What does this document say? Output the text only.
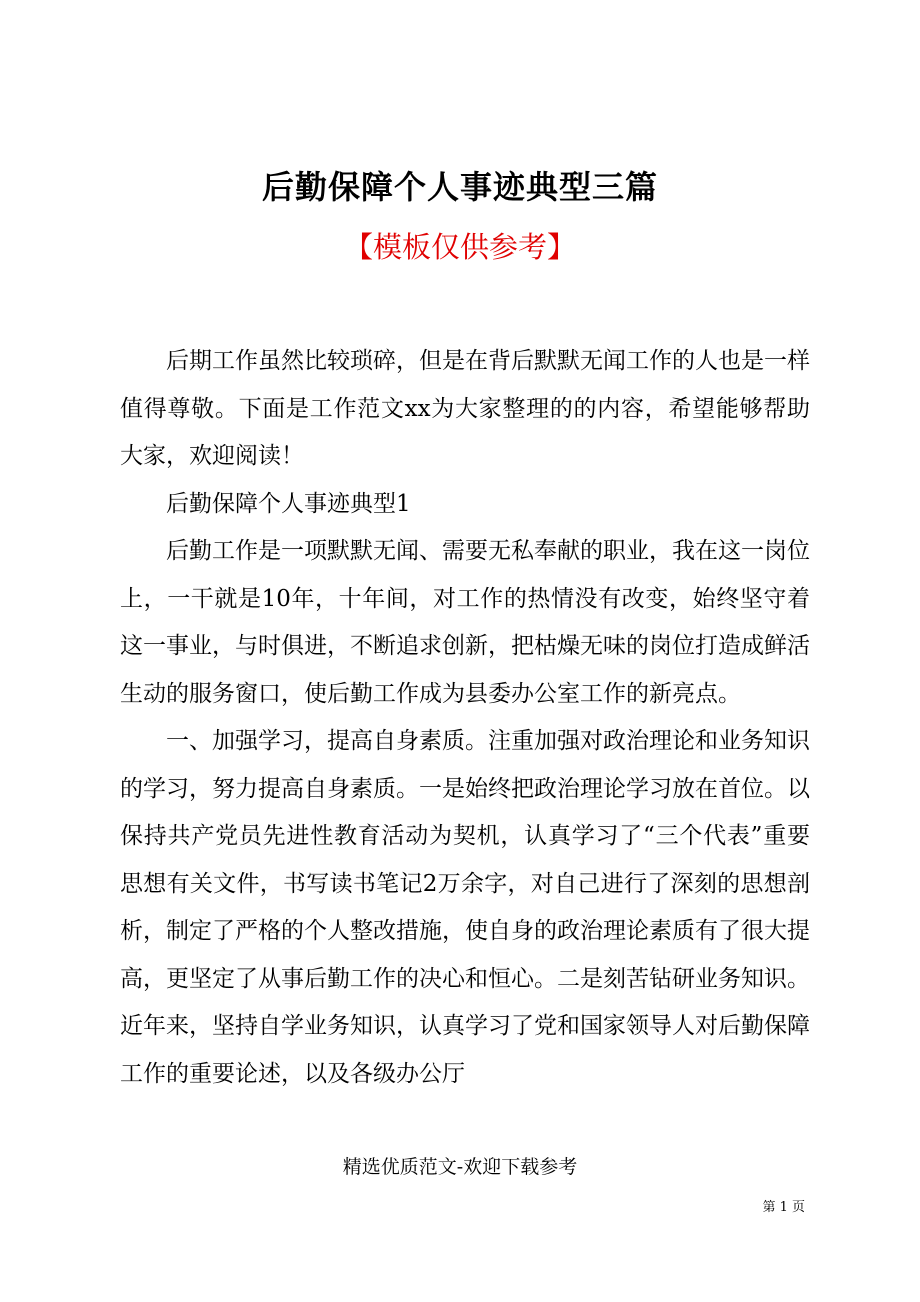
后勤保障个人事迹典型三篇
【模板仅供参考】

后期工作虽然比较琐碎，但是在背后默默无闻工作的人也是一样值得尊敬。下面是工作范文xx为大家整理的的内容，希望能够帮助大家，欢迎阅读！

后勤保障个人事迹典型1

后勤工作是一项默默无闻、需要无私奉献的职业，我在这一岗位上，一干就是10年，十年间，对工作的热情没有改变，始终坚守着这一事业，与时俱进，不断追求创新，把枯燥无味的岗位打造成鲜活生动的服务窗口，使后勤工作成为县委办公室工作的新亮点。

一、加强学习，提高自身素质。注重加强对政治理论和业务知识的学习，努力提高自身素质。一是始终把政治理论学习放在首位。以保持共产党员先进性教育活动为契机，认真学习了“三个代表”重要思想有关文件，书写读书笔记2万余字，对自己进行了深刻的思想剖析，制定了严格的个人整改措施，使自身的政治理论素质有了很大提高，更坚定了从事后勤工作的决心和恒心。二是刻苦钻研业务知识。近年来，坚持自学业务知识，认真学习了党和国家领导人对后勤保障工作的重要论述，以及各级办公厅

精选优质范文-欢迎下载参考
第 1 页
